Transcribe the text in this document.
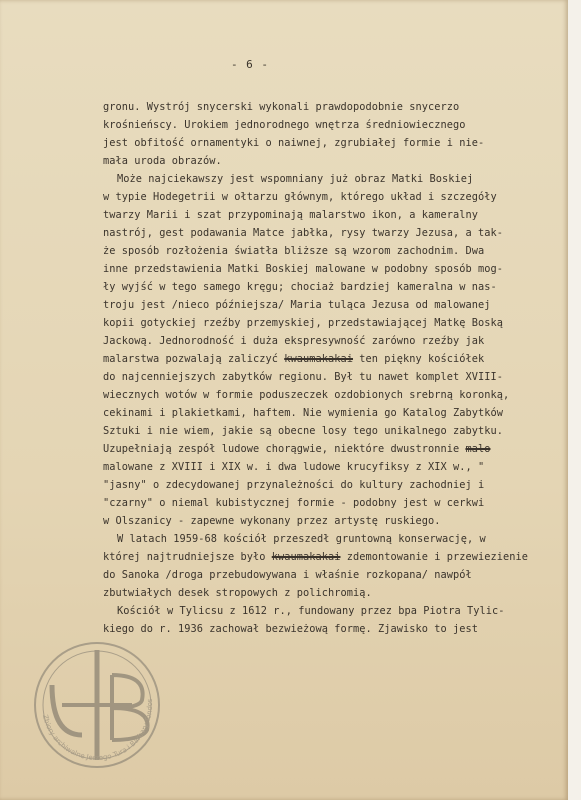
- 6 -
gronu. Wystrój snycerski wykonali prawdopodobnie snycerzo
krośnieńscy. Urokiem jednorodnego wnętrza średniowiecznego
jest obfitość ornamentyki o naiwnej, zgrubiałej formie i nie-
mała uroda obrazów.
Może najciekawszy jest wspomniany już obraz Matki Boskiej
w typie Hodegetrii w ołtarzu głównym, którego układ i szczegóły
twarzy Marii i szat przypominają malarstwo ikon, a kameralny
nastrój, gest podawania Matce jabłka, rysy twarzy Jezusa, a tak-
że sposób rozłożenia światła bliższe są wzorom zachodnim. Dwa
inne przedstawienia Matki Boskiej malowane w podobny sposób mog-
ły wyjść w tego samego kręgu; chociaż bardziej kameralna w nas-
troju jest /nieco późniejsza/ Maria tuląca Jezusa od malowanej
kopii gotyckiej rzeźby przemyskiej, przedstawiającej Matkę Boską
Jackową. Jednorodność i duża ekspresywność zarówno rzeźby jak
malarstwa pozwalają zaliczyć kwaumakakai ten piękny kościółek
do najcenniejszych zabytków regionu. Był tu nawet komplet XVIII-
wiecznych wotów w formie poduszeczek ozdobionych srebrną koronką,
cekinami i plakietkami, haftem. Nie wymienia go Katalog Zabytków
Sztuki i nie wiem, jakie są obecne losy tego unikalnego zabytku.
Uzupełniają zespół ludowe chorągwie, niektóre dwustronnie malo
malowane z XVIII i XIX w. i dwa ludowe krucyfiksy z XIX w., "
"jasny" o zdecydowanej przynależności do kultury zachodniej i
"czarny" o niemal kubistycznej formie - podobny jest w cerkwi
w Olszanicy - zapewne wykonany przez artystę ruskiego.
W latach 1959-68 kościół przeszedł gruntowną konserwację, w
której najtrudniejsze było kwaumakakai zdemontowanie i przewiezienie
do Sanoka /droga przebudowywana i właśnie rozkopana/ nawpół
zbutwiałych desek stropowych z polichromią.
Kościół w Tylicsu z 1612 r., fundowany przez bpa Piotra Tylic-
kiego do r. 1936 zachował bezwieżową formę. Zjawisko to jest
Zbiory archiwalne Jerzego Tura i Barbary Tondos
